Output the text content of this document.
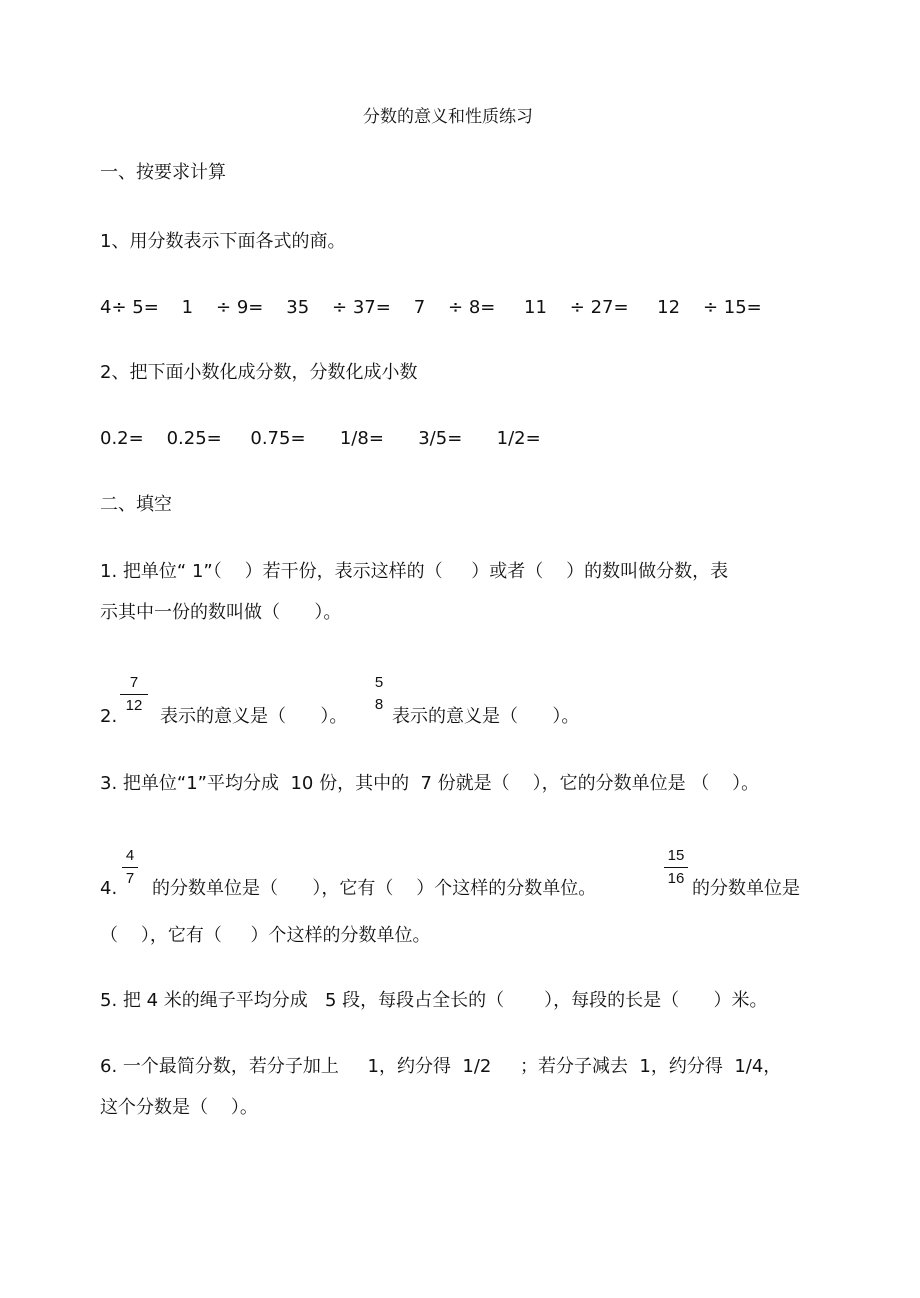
分数的意义和性质练习
一、按要求计算
1、用分数表示下面各式的商。
4÷ 5=    1    ÷ 9=    35    ÷ 37=    7    ÷ 8=     11    ÷ 27=     12    ÷ 15=
2、把下面小数化成分数，分数化成小数
0.2=    0.25=     0.75=      1/8=      3/5=      1/2=
二、填空
1. 把单位“ 1”（    ）若干份，表示这样的（     ）或者（    ）的数叫做分数，表
示其中一份的数叫做（      ）。
2.
$\frac{7}{12}$
表示的意义是（      ）。
5
8
表示的意义是（      ）。
3. 把单位“1”平均分成  10 份，其中的  7 份就是（    ），它的分数单位是 （    ）。
4.
$\frac{4}{7}$
的分数单位是（      ），它有（    ）个这样的分数单位。
$\frac{15}{16}$
的分数单位是
（    ），它有（     ）个这样的分数单位。
5. 把 4 米的绳子平均分成   5 段，每段占全长的（       ），每段的长是（      ）米。
6. 一个最简分数，若分子加上     1，约分得  1/2     ；若分子减去  1，约分得  1/4，
这个分数是（    ）。
